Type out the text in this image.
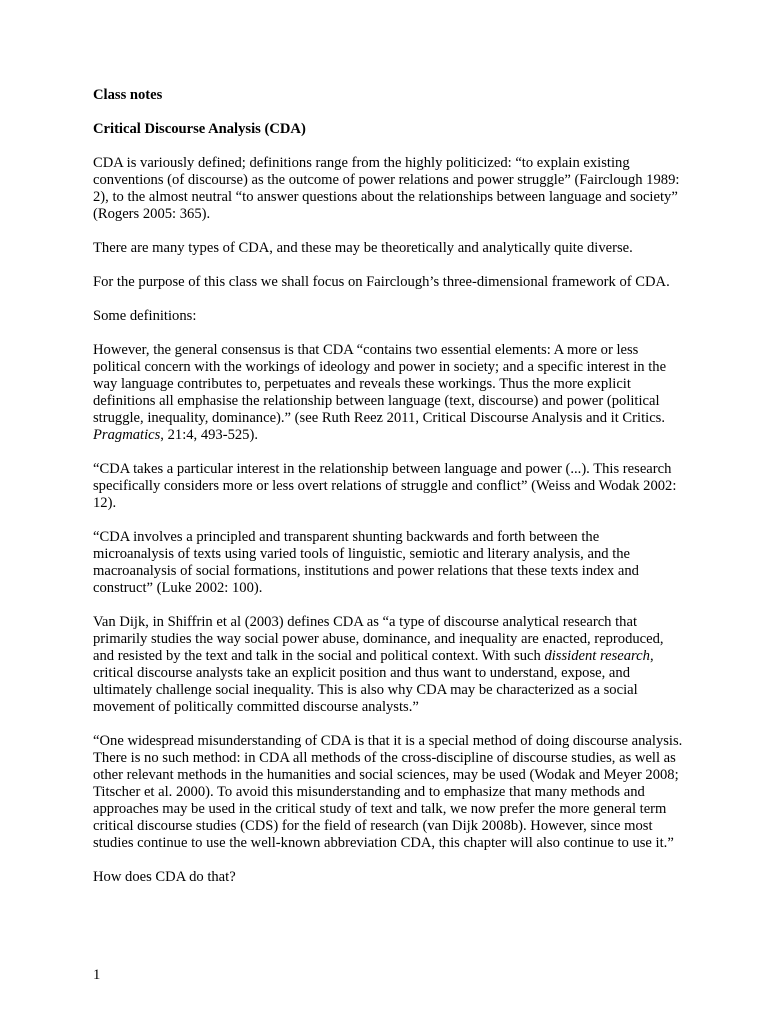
Class notes

Critical Discourse Analysis (CDA)

CDA is variously defined; definitions range from the highly politicized: “to explain existing conventions (of discourse) as the outcome of power relations and power struggle” (Fairclough 1989: 2), to the almost neutral “to answer questions about the relationships between language and society” (Rogers 2005: 365).

There are many types of CDA, and these may be theoretically and analytically quite diverse.

For the purpose of this class we shall focus on Fairclough’s three-dimensional framework of CDA.

Some definitions:

However, the general consensus is that CDA “contains two essential elements: A more or less political concern with the workings of ideology and power in society; and a specific interest in the way language contributes to, perpetuates and reveals these workings. Thus the more explicit definitions all emphasise the relationship between language (text, discourse) and power (political struggle, inequality, dominance).” (see Ruth Reez 2011, Critical Discourse Analysis and it Critics. Pragmatics, 21:4, 493-525).

“CDA takes a particular interest in the relationship between language and power (...). This research specifically considers more or less overt relations of struggle and conflict” (Weiss and Wodak 2002: 12).

“CDA involves a principled and transparent shunting backwards and forth between the microanalysis of texts using varied tools of linguistic, semiotic and literary analysis, and the macroanalysis of social formations, institutions and power relations that these texts index and construct” (Luke 2002: 100).

Van Dijk, in Shiffrin et al (2003) defines CDA as “a type of discourse analytical research that primarily studies the way social power abuse, dominance, and inequality are enacted, reproduced, and resisted by the text and talk in the social and political context. With such dissident research, critical discourse analysts take an explicit position and thus want to understand, expose, and ultimately challenge social inequality. This is also why CDA may be characterized as a social movement of politically committed discourse analysts.”

“One widespread misunderstanding of CDA is that it is a special method of doing discourse analysis. There is no such method: in CDA all methods of the cross-discipline of discourse studies, as well as other relevant methods in the humanities and social sciences, may be used (Wodak and Meyer 2008; Titscher et al. 2000). To avoid this misunderstanding and to emphasize that many methods and approaches may be used in the critical study of text and talk, we now prefer the more general term critical discourse studies (CDS) for the field of research (van Dijk 2008b). However, since most studies continue to use the well-known abbreviation CDA, this chapter will also continue to use it.”

How does CDA do that?

1
